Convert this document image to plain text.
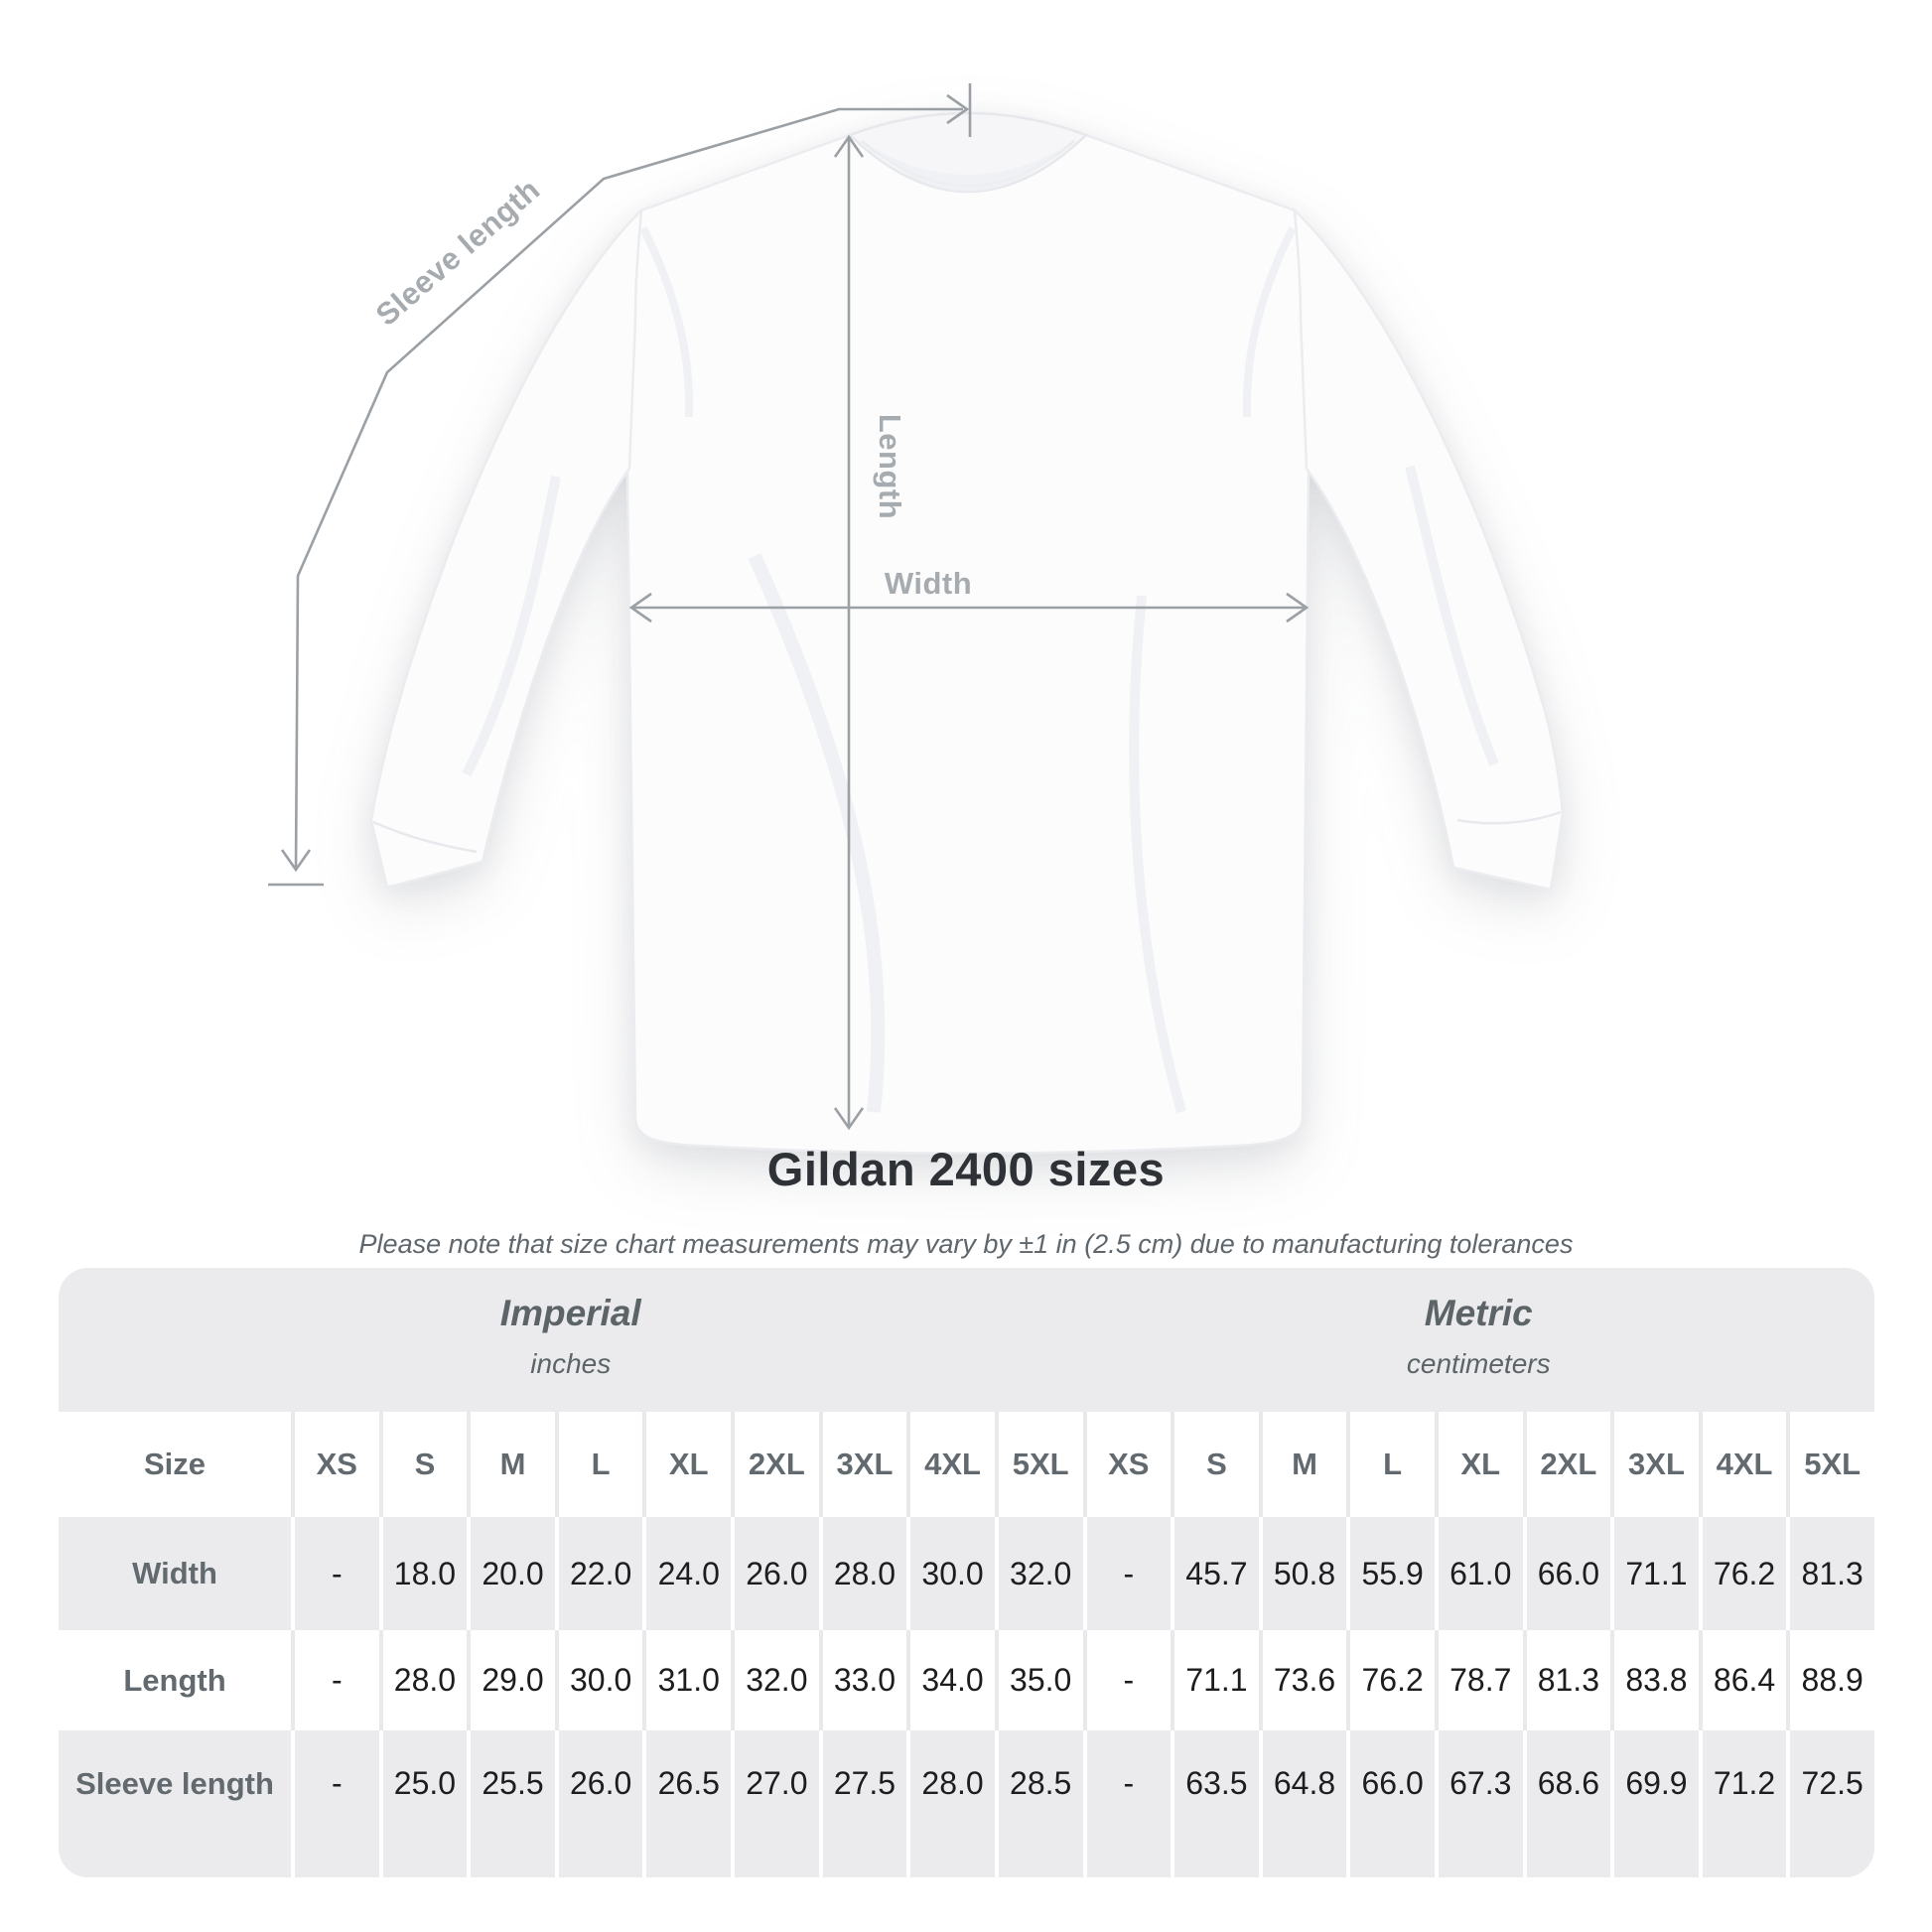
Sleeve length
Length
Width
Gildan 2400 sizes
Please note that size chart measurements may vary by ±1 in (2.5 cm) due to manufacturing tolerances
Imperial
inches
Metric
centimeters
Size	XS S M L XL 2XL 3XL 4XL 5XL XS S M L XL 2XL 3XL 4XL 5XL
Width	- 18.0 20.0 22.0 24.0 26.0 28.0 30.0 32.0 - 45.7 50.8 55.9 61.0 66.0 71.1 76.2 81.3
Length	- 28.0 29.0 30.0 31.0 32.0 33.0 34.0 35.0 - 71.1 73.6 76.2 78.7 81.3 83.8 86.4 88.9
Sleeve length - 25.0 25.5 26.0 26.5 27.0 27.5 28.0 28.5 - 63.5 64.8 66.0 67.3 68.6 69.9 71.2 72.5
